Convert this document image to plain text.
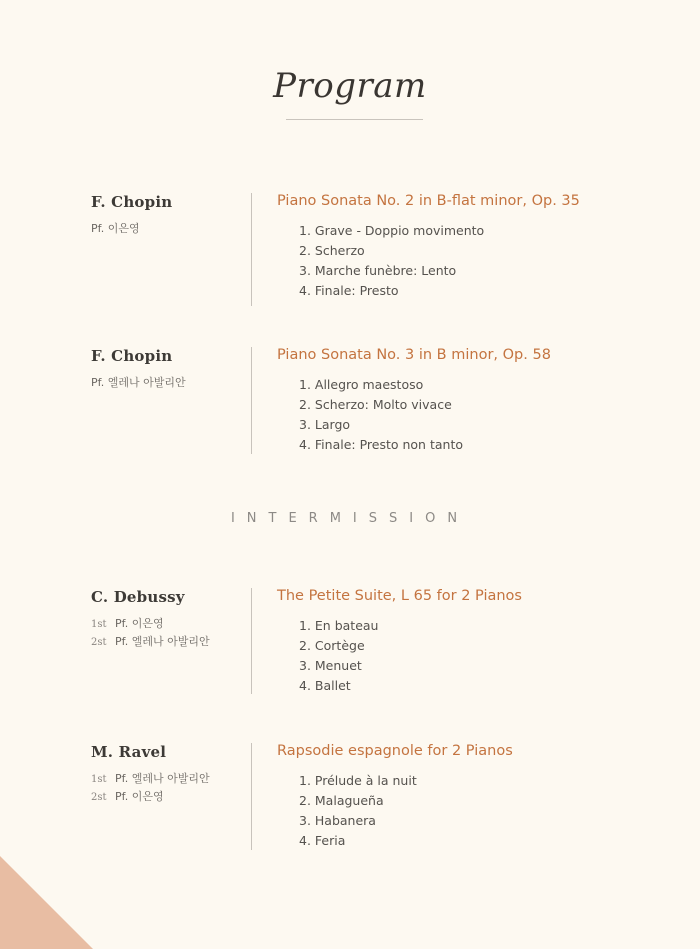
Program
F. Chopin
Pf. 이은영
Piano Sonata No. 2 in B-flat minor, Op. 35
1. Grave - Doppio movimento
2. Scherzo
3. Marche funèbre: Lento
4. Finale: Presto
F. Chopin
Pf. 엘레나 아발리안
Piano Sonata No. 3 in B minor, Op. 58
1. Allegro maestoso
2. Scherzo: Molto vivace
3. Largo
4. Finale: Presto non tanto
INTERMISSION
C. Debussy
1st Pf. 이은영
2st Pf. 엘레나 아발리안
The Petite Suite, L 65 for 2 Pianos
1. En bateau
2. Cortège
3. Menuet
4. Ballet
M. Ravel
1st Pf. 엘레나 아발리안
2st Pf. 이은영
Rapsodie espagnole for 2 Pianos
1. Prélude à la nuit
2. Malagueña
3. Habanera
4. Feria
